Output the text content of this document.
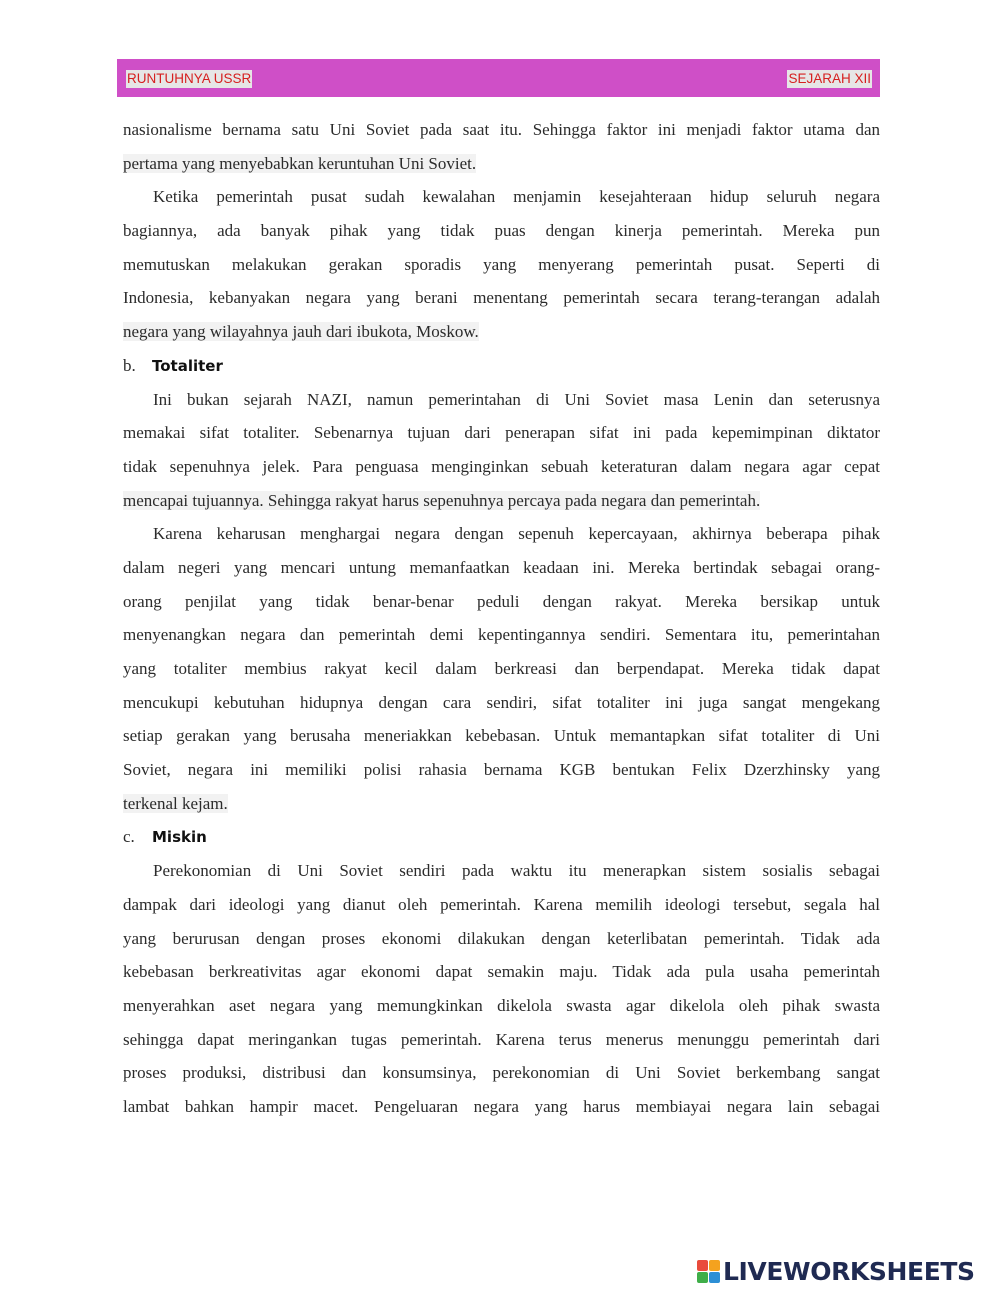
RUNTUHNYA USSR	SEJARAH XII
nasionalisme bernama satu Uni Soviet pada saat itu. Sehingga faktor ini menjadi faktor utama dan
pertama yang menyebabkan keruntuhan Uni Soviet.
Ketika pemerintah pusat sudah kewalahan menjamin kesejahteraan hidup seluruh negara
bagiannya, ada banyak pihak yang tidak puas dengan kinerja pemerintah. Mereka pun
memutuskan melakukan gerakan sporadis yang menyerang pemerintah pusat. Seperti di
Indonesia, kebanyakan negara yang berani menentang pemerintah secara terang-terangan adalah
negara yang wilayahnya jauh dari ibukota, Moskow.
b. Totaliter
Ini bukan sejarah NAZI, namun pemerintahan di Uni Soviet masa Lenin dan seterusnya
memakai sifat totaliter. Sebenarnya tujuan dari penerapan sifat ini pada kepemimpinan diktator
tidak sepenuhnya jelek. Para penguasa menginginkan sebuah keteraturan dalam negara agar cepat
mencapai tujuannya. Sehingga rakyat harus sepenuhnya percaya pada negara dan pemerintah.
Karena keharusan menghargai negara dengan sepenuh kepercayaan, akhirnya beberapa pihak
dalam negeri yang mencari untung memanfaatkan keadaan ini. Mereka bertindak sebagai orang-
orang penjilat yang tidak benar-benar peduli dengan rakyat. Mereka bersikap untuk
menyenangkan negara dan pemerintah demi kepentingannya sendiri. Sementara itu, pemerintahan
yang totaliter membius rakyat kecil dalam berkreasi dan berpendapat. Mereka tidak dapat
mencukupi kebutuhan hidupnya dengan cara sendiri, sifat totaliter ini juga sangat mengekang
setiap gerakan yang berusaha meneriakkan kebebasan. Untuk memantapkan sifat totaliter di Uni
Soviet, negara ini memiliki polisi rahasia bernama KGB bentukan Felix Dzerzhinsky yang
terkenal kejam.
c. Miskin
Perekonomian di Uni Soviet sendiri pada waktu itu menerapkan sistem sosialis sebagai
dampak dari ideologi yang dianut oleh pemerintah. Karena memilih ideologi tersebut, segala hal
yang berurusan dengan proses ekonomi dilakukan dengan keterlibatan pemerintah. Tidak ada
kebebasan berkreativitas agar ekonomi dapat semakin maju. Tidak ada pula usaha pemerintah
menyerahkan aset negara yang memungkinkan dikelola swasta agar dikelola oleh pihak swasta
sehingga dapat meringankan tugas pemerintah. Karena terus menerus menunggu pemerintah dari
proses produksi, distribusi dan konsumsinya, perekonomian di Uni Soviet berkembang sangat
lambat bahkan hampir macet. Pengeluaran negara yang harus membiayai negara lain sebagai
LIVEWORKSHEETS
